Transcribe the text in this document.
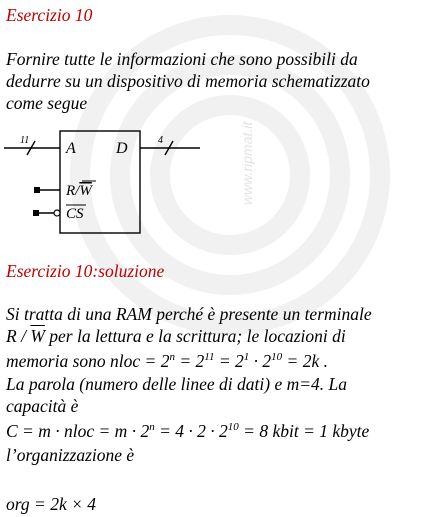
www.ripmat.it
Esercizio 10
Fornire tutte le informazioni che sono possibili da
dedurre su un dispositivo di memoria schematizzato
come segue
11	4
A	D
R/W
CS
Esercizio 10:soluzione
Si tratta di una RAM perché è presente un terminale
R / $\overline{W}$ per la lettura e la scrittura; le locazioni di
memoria sono nloc = $2^n = 2^{11} = 2^1 \cdot 2^{10} = 2k$ .
La parola (numero delle linee di dati) e m=4. La
capacità è
C = m · nloc = $m \cdot 2^n = 4 \cdot 2 \cdot 2^{10} = 8$ kbit = 1 kbyte
l’organizzazione è
org = 2k × 4
